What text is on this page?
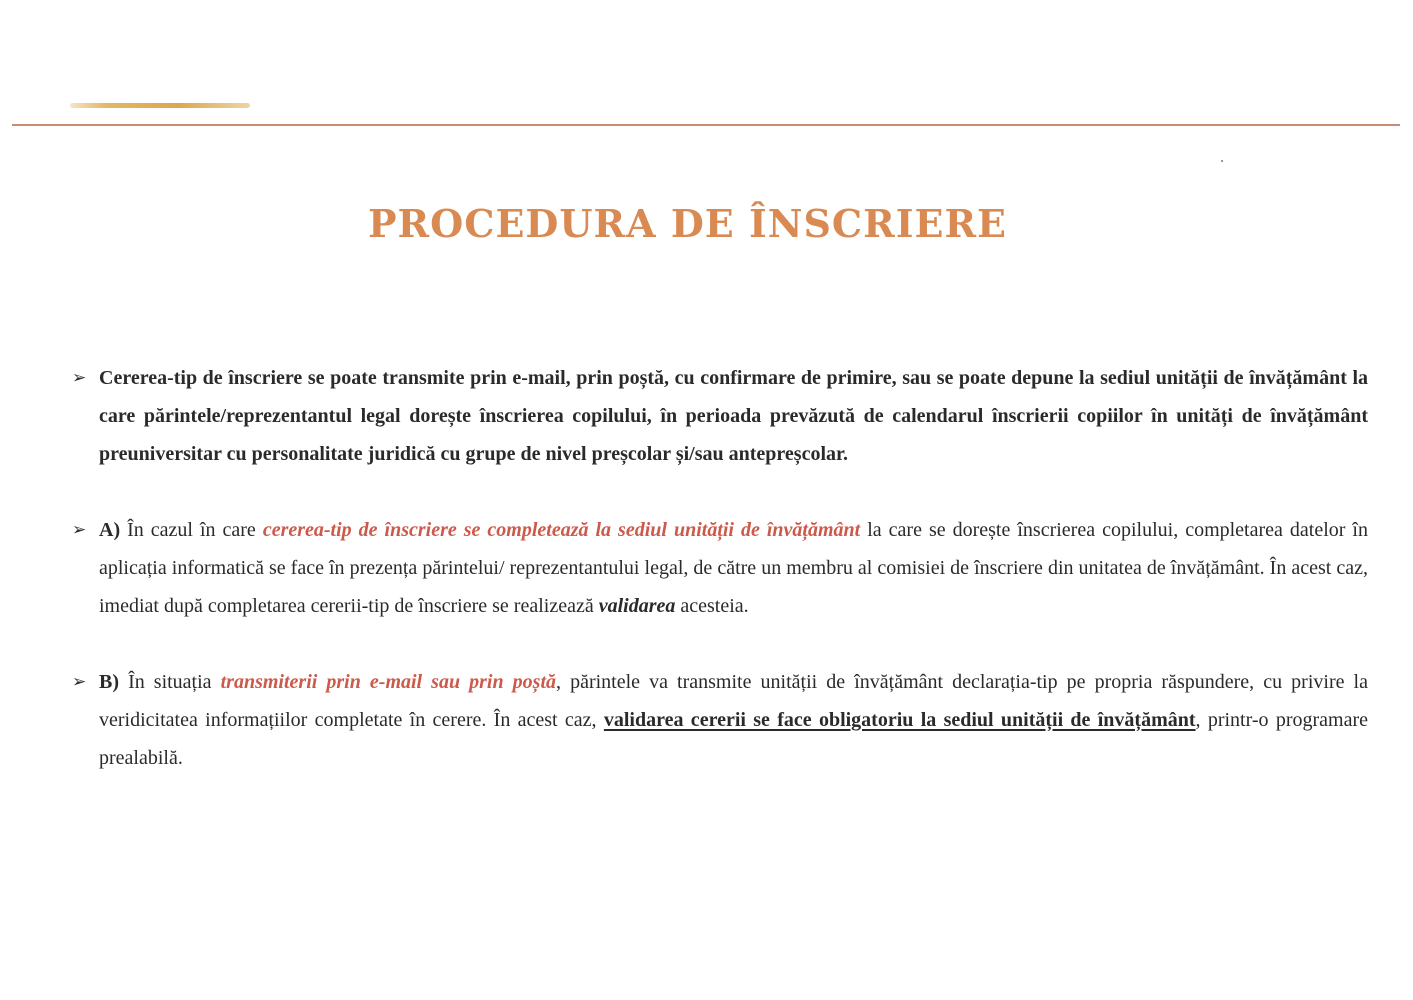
PROCEDURA DE ÎNSCRIERE
➢ Cererea-tip de înscriere se poate transmite prin e-mail, prin poștă, cu confirmare de primire, sau se poate depune la sediul unității de învățământ la care părintele/reprezentantul legal dorește înscrierea copilului, în perioada prevăzută de calendarul înscrierii copiilor în unități de învățământ preuniversitar cu personalitate juridică cu grupe de nivel preșcolar și/sau antepreșcolar.
➢ A) În cazul în care cererea-tip de înscriere se completează la sediul unității de învățământ la care se dorește înscrierea copilului, completarea datelor în aplicația informatică se face în prezența părintelui/ reprezentantului legal, de către un membru al comisiei de înscriere din unitatea de învățământ. În acest caz, imediat după completarea cererii-tip de înscriere se realizează validarea acesteia.
➢ B) În situația transmiterii prin e-mail sau prin poștă, părintele va transmite unității de învățământ declarația-tip pe propria răspundere, cu privire la veridicitatea informațiilor completate în cerere. În acest caz, validarea cererii se face obligatoriu la sediul unității de învățământ, printr-o programare prealabilă.
